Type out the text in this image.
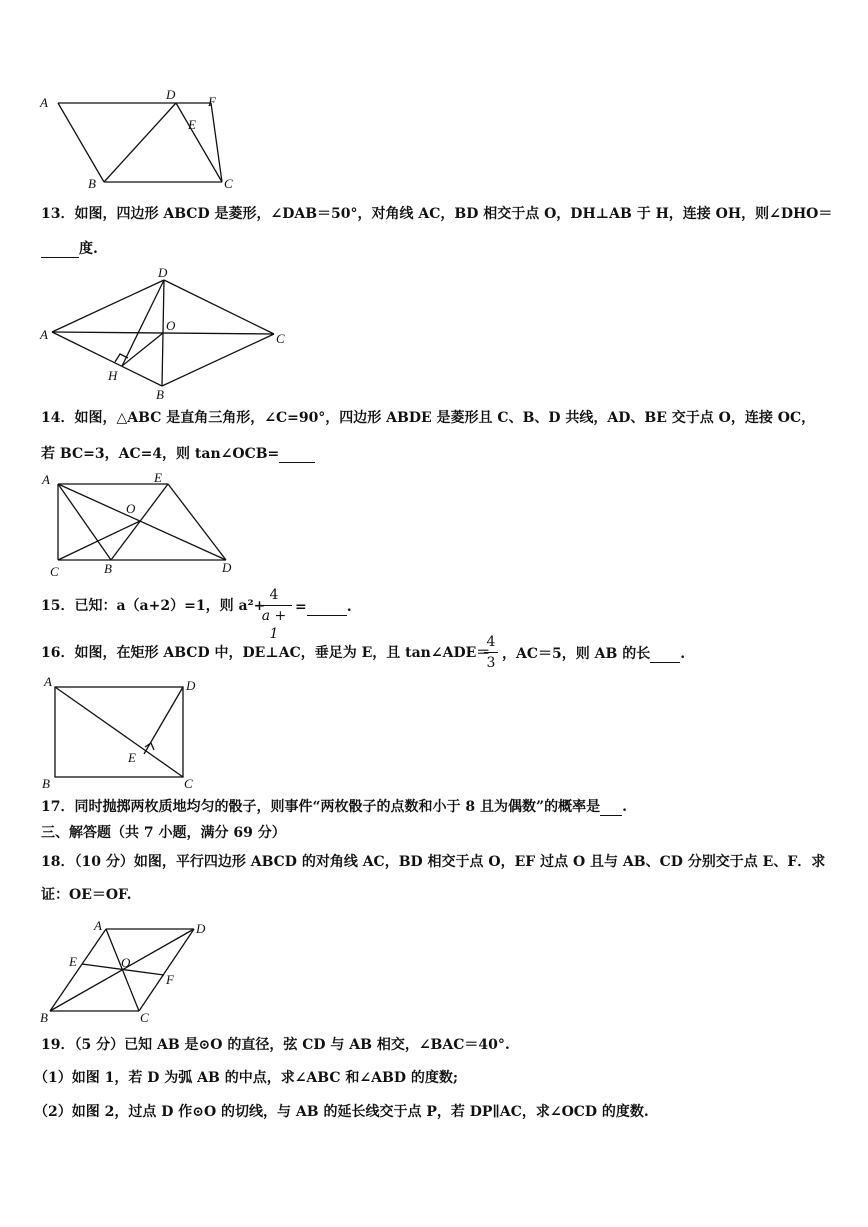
A
D	F
E
B	C
13．如图，四边形 ABCD 是菱形，∠DAB＝50°，对角线 AC，BD 相交于点 O，DH⊥AB 于 H，连接 OH，则∠DHO＝
度.
D
A
O
C
H
B
14．如图，△ABC 是直角三角形，∠C=90°，四边形 ABDE 是菱形且 C、B、D 共线，AD、BE 交于点 O，连接 OC，
若 BC=3，AC=4，则 tan∠OCB=
A	E
O
C	B	D
15．已知：a（a+2）=1，则 a²+
4
a + 1
=	.
16．如图，在矩形 ABCD 中，DE⊥AC，垂足为 E，且 tan∠ADE＝
4
3
，AC＝5，则 AB 的长 .
A	D
E
B	C
17．同时抛掷两枚质地均匀的骰子，则事件“两枚骰子的点数和小于 8 且为偶数”的概率是 .
三、解答题（共 7 小题，满分 69 分）
18．（10 分）如图，平行四边形 ABCD 的对角线 AC，BD 相交于点 O，EF 过点 O 且与 AB、CD 分别交于点 E、F．求
证：OE＝OF.
A	D
E	O
F
B	C
19．（5 分）已知 AB 是⊙O 的直径，弦 CD 与 AB 相交，∠BAC＝40°.
（1）如图 1，若 D 为弧 AB 的中点，求∠ABC 和∠ABD 的度数;
（2）如图 2，过点 D 作⊙O 的切线，与 AB 的延长线交于点 P，若 DP∥AC，求∠OCD 的度数.
